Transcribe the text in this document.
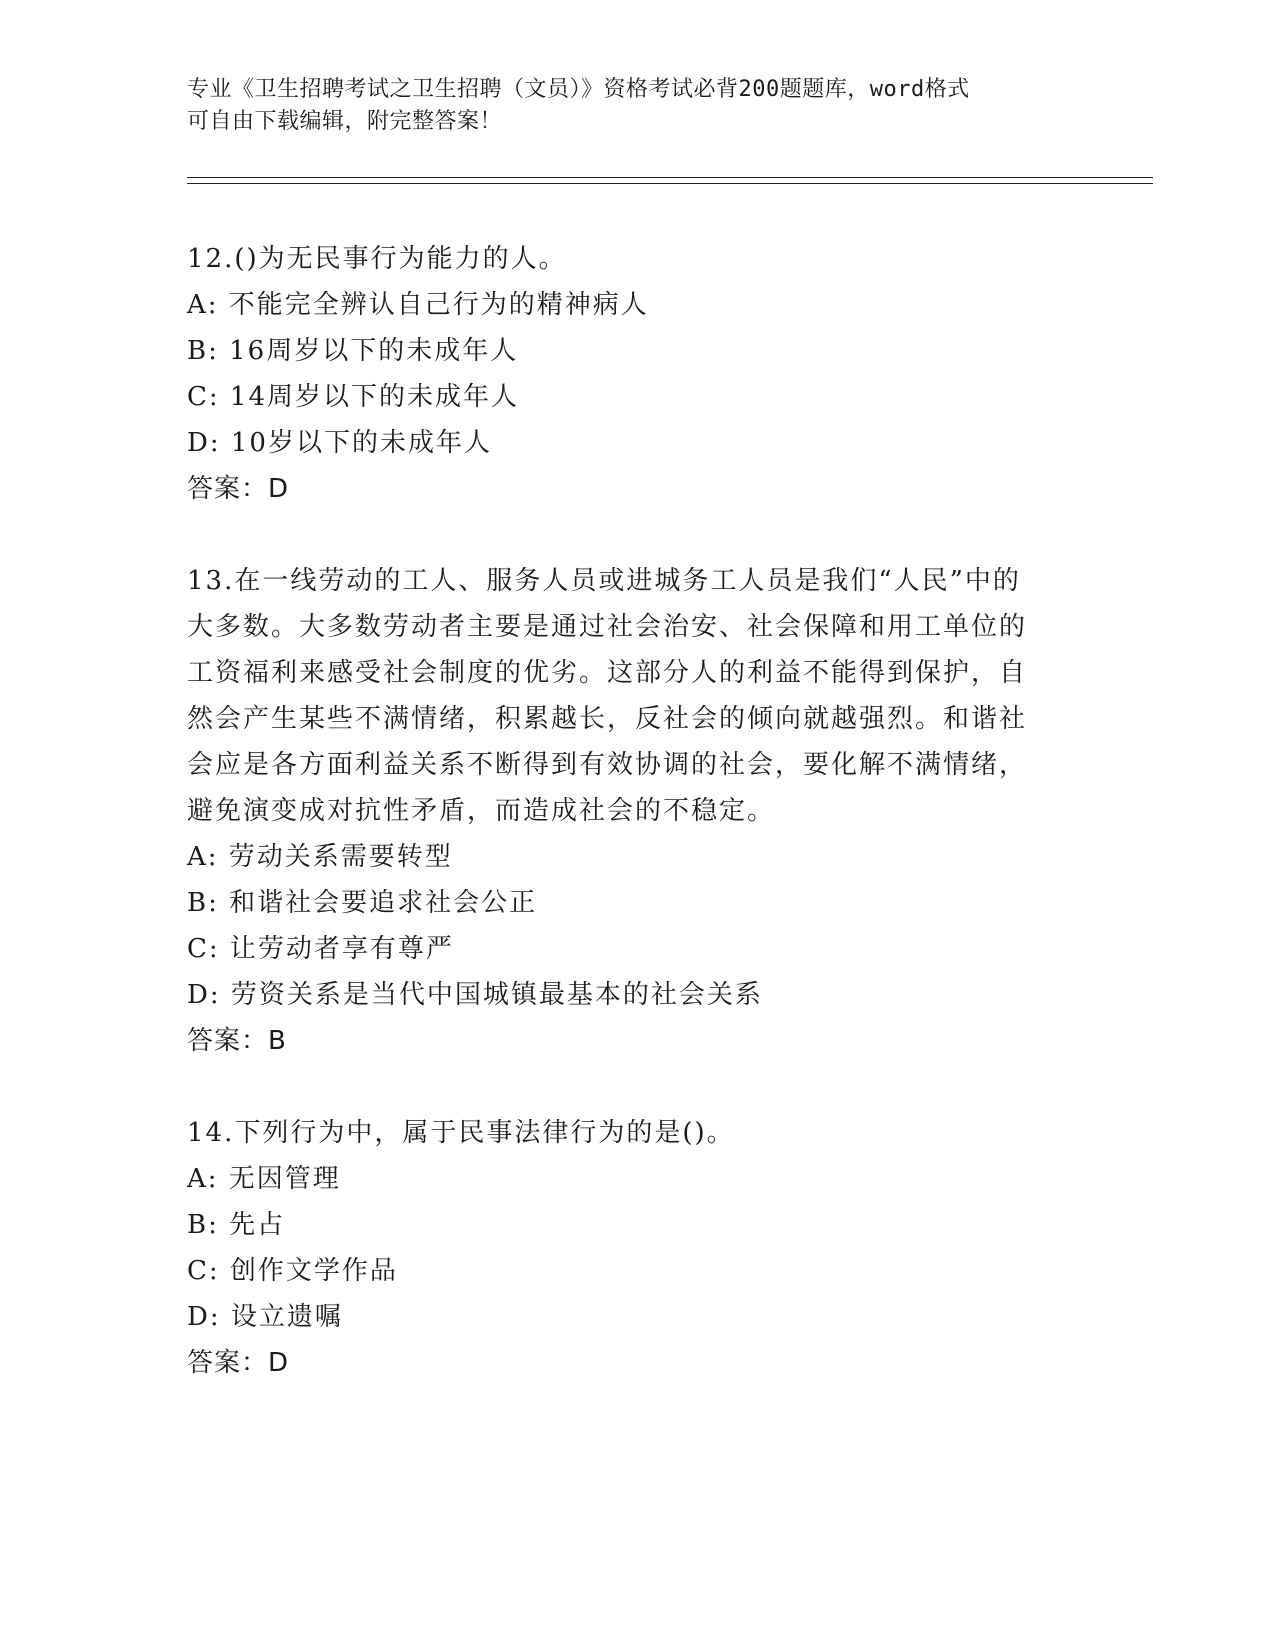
专业《卫生招聘考试之卫生招聘（文员）》资格考试必背200题题库，word格式
可自由下载编辑，附完整答案！
12.()为无民事行为能力的人。
A: 不能完全辨认自己行为的精神病人
B: 16周岁以下的未成年人
C: 14周岁以下的未成年人
D: 10岁以下的未成年人
答案：D
13.在一线劳动的工人、服务人员或进城务工人员是我们“人民”中的
大多数。大多数劳动者主要是通过社会治安、社会保障和用工单位的
工资福利来感受社会制度的优劣。这部分人的利益不能得到保护，自
然会产生某些不满情绪，积累越长，反社会的倾向就越强烈。和谐社
会应是各方面利益关系不断得到有效协调的社会，要化解不满情绪，
避免演变成对抗性矛盾，而造成社会的不稳定。
A: 劳动关系需要转型
B: 和谐社会要追求社会公正
C: 让劳动者享有尊严
D: 劳资关系是当代中国城镇最基本的社会关系
答案：B
14.下列行为中，属于民事法律行为的是()。
A: 无因管理
B: 先占
C: 创作文学作品
D: 设立遗嘱
答案：D
